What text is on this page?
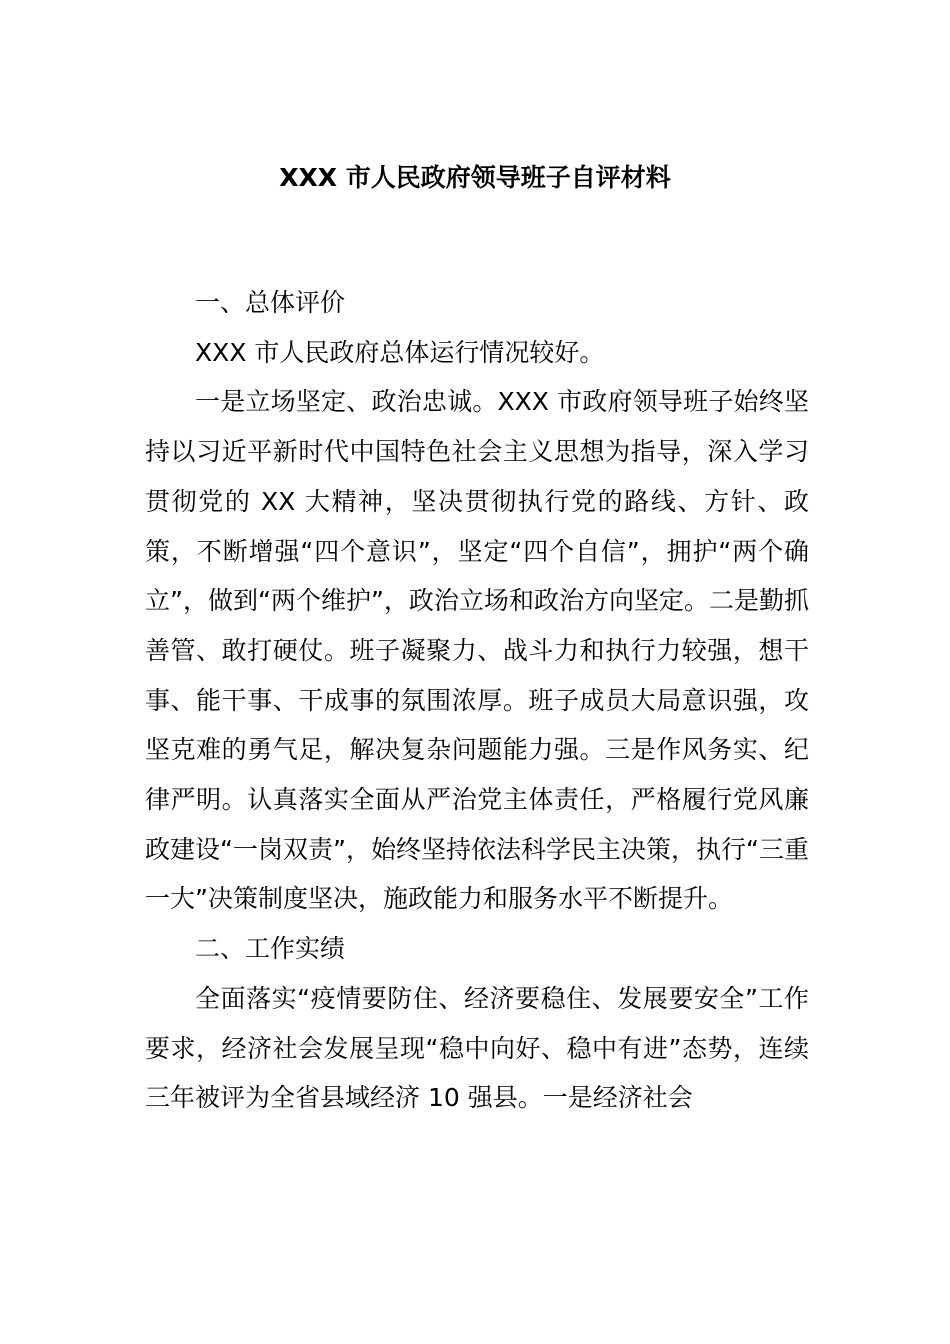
XXX 市人民政府领导班子自评材料

一、总体评价

XXX 市人民政府总体运行情况较好。

一是立场坚定、政治忠诚。XXX 市政府领导班子始终坚持以习近平新时代中国特色社会主义思想为指导，深入学习贯彻党的 XX 大精神，坚决贯彻执行党的路线、方针、政策，不断增强“四个意识”，坚定“四个自信”，拥护“两个确立”，做到“两个维护”，政治立场和政治方向坚定。二是勤抓善管、敢打硬仗。班子凝聚力、战斗力和执行力较强，想干事、能干事、干成事的氛围浓厚。班子成员大局意识强，攻坚克难的勇气足，解决复杂问题能力强。三是作风务实、纪律严明。认真落实全面从严治党主体责任，严格履行党风廉政建设“一岗双责”，始终坚持依法科学民主决策，执行“三重一大”决策制度坚决，施政能力和服务水平不断提升。

二、工作实绩

全面落实“疫情要防住、经济要稳住、发展要安全”工作要求，经济社会发展呈现“稳中向好、稳中有进”态势，连续三年被评为全省县域经济 10 强县。一是经济社会
